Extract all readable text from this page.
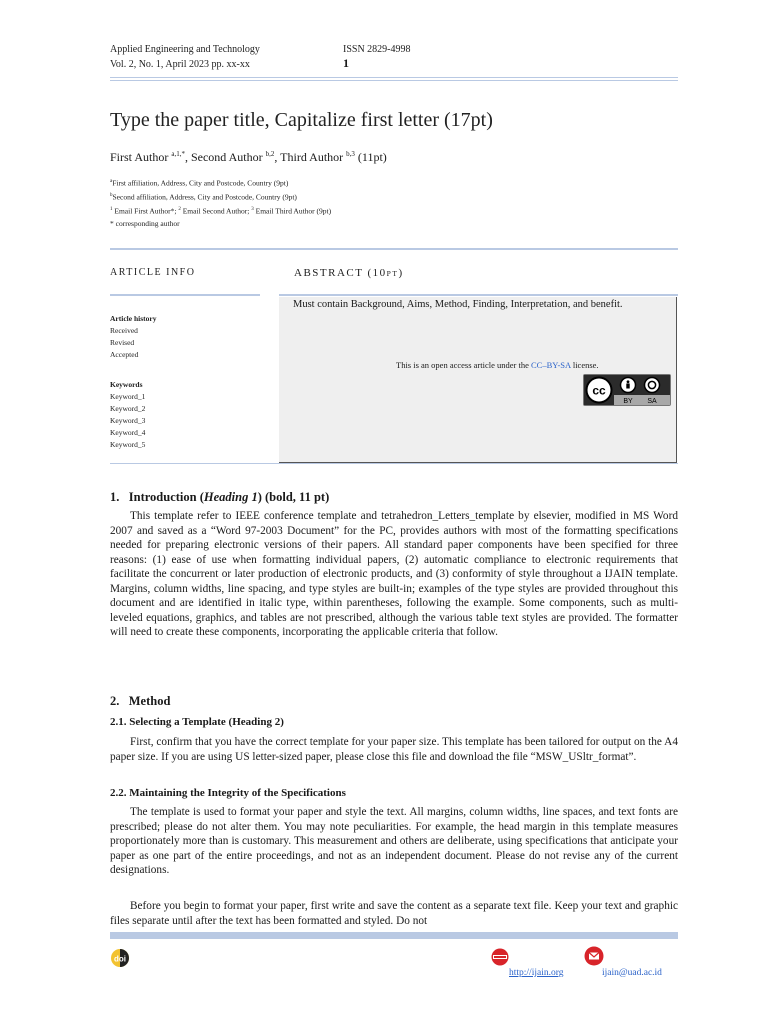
Applied Engineering and Technology
Vol. 2, No. 1, April 2023 pp. xx-xx
ISSN 2829-4998
1
Type the paper title, Capitalize first letter (17pt)
First Author $^{a,1,*}$, Second Author $^{b,2}$, Third Author $^{b,3}$ (11pt)
$^a$First affiliation, Address, City and Postcode, Country (9pt)
$^b$Second affiliation, Address, City and Postcode, Country (9pt)
$^1$ Email First Author*; $^2$ Email Second Author; $^3$ Email Third Author (9pt)
* corresponding author
ARTICLE INFO	ABSTRACT (10PT)
Must contain Background, Aims, Method, Finding, Interpretation, and benefit.
This is an open access article under the CC–BY-SA license.
cc
BY SA
Article history
Received
Revised
Accepted
Keywords
Keyword_1
Keyword_2
Keyword_3
Keyword_4
Keyword_5
1. Introduction (Heading 1) (bold, 11 pt)
This template refer to IEEE conference template and tetrahedron_Letters_template by elsevier, modified in MS Word 2007 and saved as a “Word 97-2003 Document” for the PC, provides authors with most of the formatting specifications needed for preparing electronic versions of their papers. All standard paper components have been specified for three reasons: (1) ease of use when formatting individual papers, (2) automatic compliance to electronic requirements that facilitate the concurrent or later production of electronic products, and (3) conformity of style throughout a IJAIN template. Margins, column widths, line spacing, and type styles are built-in; examples of the type styles are provided throughout this document and are identified in italic type, within parentheses, following the example. Some components, such as multi-leveled equations, graphics, and tables are not prescribed, although the various table text styles are provided. The formatter will need to create these components, incorporating the applicable criteria that follow.
2. Method
2.1. Selecting a Template (Heading 2)
First, confirm that you have the correct template for your paper size. This template has been tailored for output on the A4 paper size. If you are using US letter-sized paper, please close this file and download the file “MSW_USltr_format”.
2.2. Maintaining the Integrity of the Specifications
The template is used to format your paper and style the text. All margins, column widths, line spaces, and text fonts are prescribed; please do not alter them. You may note peculiarities. For example, the head margin in this template measures proportionately more than is customary. This measurement and others are deliberate, using specifications that anticipate your paper as one part of the entire proceedings, and not as an independent document. Please do not revise any of the current designations.
Before you begin to format your paper, first write and save the content as a separate text file. Keep your text and graphic files separate until after the text has been formatted and styled. Do not
doi
http://ijain.org	ijain@uad.ac.id
